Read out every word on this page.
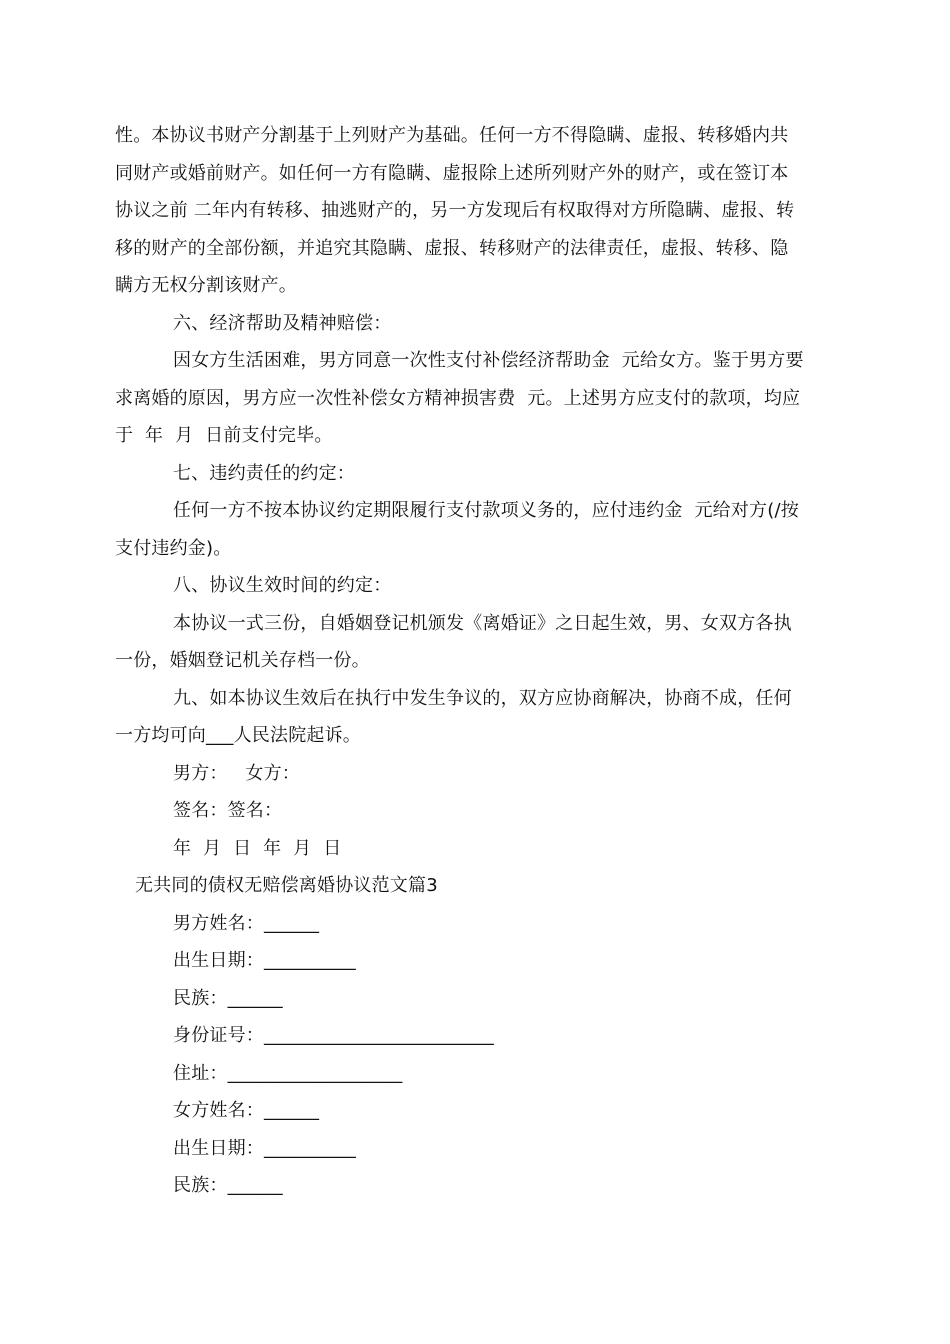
性。本协议书财产分割基于上列财产为基础。任何一方不得隐瞒、虚报、转移婚内共
同财产或婚前财产。如任何一方有隐瞒、虚报除上述所列财产外的财产，或在签订本
协议之前 二年内有转移、抽逃财产的，另一方发现后有权取得对方所隐瞒、虚报、转
移的财产的全部份额，并追究其隐瞒、虚报、转移财产的法律责任，虚报、转移、隐
瞒方无权分割该财产。
六、经济帮助及精神赔偿：
因女方生活困难，男方同意一次性支付补偿经济帮助金  元给女方。鉴于男方要
求离婚的原因，男方应一次性补偿女方精神损害费  元。上述男方应支付的款项，均应
于  年  月  日前支付完毕。
七、违约责任的约定：
任何一方不按本协议约定期限履行支付款项义务的，应付违约金  元给对方(/按
支付违约金)。
八、协议生效时间的约定：
本协议一式三份，自婚姻登记机颁发《离婚证》之日起生效，男、女双方各执
一份，婚姻登记机关存档一份。
九、如本协议生效后在执行中发生争议的，双方应协商解决，协商不成，任何
一方均可向___人民法院起诉。
男方：   女方：
签名：签名：
年  月  日  年  月  日
无共同的债权无赔偿离婚协议范文篇3
男方姓名：______
出生日期：__________
民族：______
身份证号：_________________________
住址：___________________
女方姓名：______
出生日期：__________
民族：______
